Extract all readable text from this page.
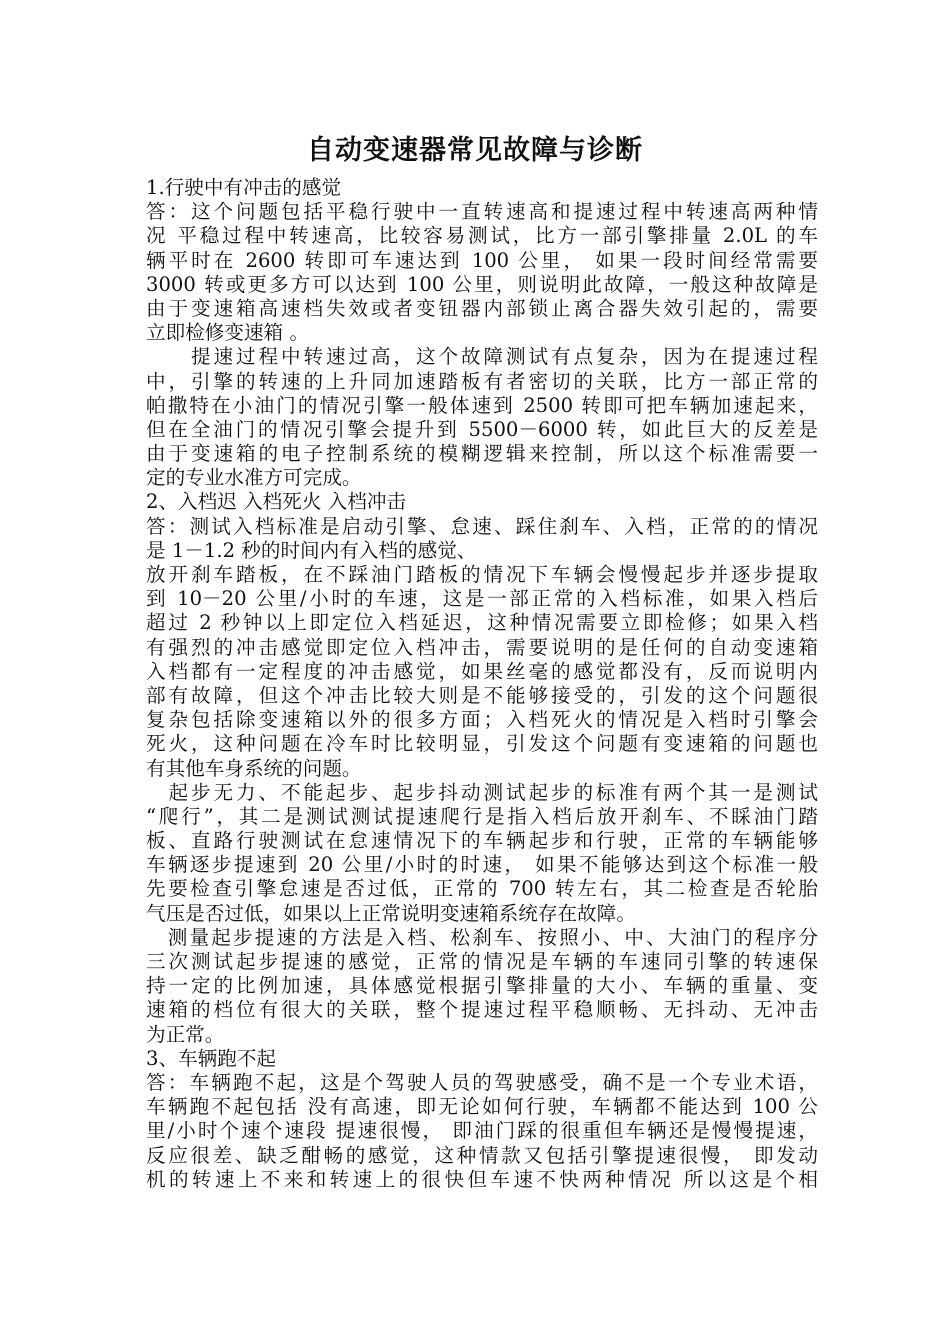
自动变速器常见故障与诊断
1.行驶中有冲击的感觉
答：这个问题包括平稳行驶中一直转速高和提速过程中转速高两种情
况 平稳过程中转速高，比较容易测试，比方一部引擎排量 2.0L 的车
辆平时在 2600 转即可车速达到 100 公里， 如果一段时间经常需要
3000 转或更多方可以达到 100 公里，则说明此故障，一般这种故障是
由于变速箱高速档失效或者变钮器内部锁止离合器失效引起的，需要
立即检修变速箱 。
　　提速过程中转速过高，这个故障测试有点复杂，因为在提速过程
中，引擎的转速的上升同加速踏板有者密切的关联，比方一部正常的
帕撒特在小油门的情况引擎一般体速到 2500 转即可把车辆加速起来，
但在全油门的情况引擎会提升到 5500－6000 转，如此巨大的反差是
由于变速箱的电子控制系统的模糊逻辑来控制，所以这个标准需要一
定的专业水准方可完成。
2、入档迟 入档死火 入档冲击
答：测试入档标准是启动引擎、怠速、踩住刹车、入档，正常的的情况
是 1－1.2 秒的时间内有入档的感觉、
放开刹车踏板，在不踩油门踏板的情况下车辆会慢慢起步并逐步提取
到 10－20 公里/小时的车速，这是一部正常的入档标准，如果入档后
超过 2 秒钟以上即定位入档延迟，这种情况需要立即检修；如果入档
有强烈的冲击感觉即定位入档冲击，需要说明的是任何的自动变速箱
入档都有一定程度的冲击感觉，如果丝毫的感觉都没有，反而说明内
部有故障，但这个冲击比较大则是不能够接受的，引发的这个问题很
复杂包括除变速箱以外的很多方面；入档死火的情况是入档时引擎会
死火，这种问题在冷车时比较明显，引发这个问题有变速箱的问题也
有其他车身系统的问题。
　起步无力、不能起步、起步抖动测试起步的标准有两个其一是测试
“爬行”，其二是测试测试提速爬行是指入档后放开刹车、不睬油门踏
板、直路行驶测试在怠速情况下的车辆起步和行驶，正常的车辆能够
车辆逐步提速到 20 公里/小时的时速， 如果不能够达到这个标准一般
先要检查引擎怠速是否过低，正常的 700 转左右，其二检查是否轮胎
气压是否过低，如果以上正常说明变速箱系统存在故障。
　测量起步提速的方法是入档、松刹车、按照小、中、大油门的程序分
三次测试起步提速的感觉，正常的情况是车辆的车速同引擎的转速保
持一定的比例加速，具体感觉根据引擎排量的大小、车辆的重量、变
速箱的档位有很大的关联，整个提速过程平稳顺畅、无抖动、无冲击
为正常。
3、车辆跑不起
答：车辆跑不起，这是个驾驶人员的驾驶感受，确不是一个专业术语，
车辆跑不起包括 没有高速，即无论如何行驶，车辆都不能达到 100 公
里/小时个速个速段 提速很慢， 即油门踩的很重但车辆还是慢慢提速，
反应很差、缺乏酣畅的感觉，这种情款又包括引擎提速很慢， 即发动
机的转速上不来和转速上的很快但车速不快两种情况 所以这是个相
